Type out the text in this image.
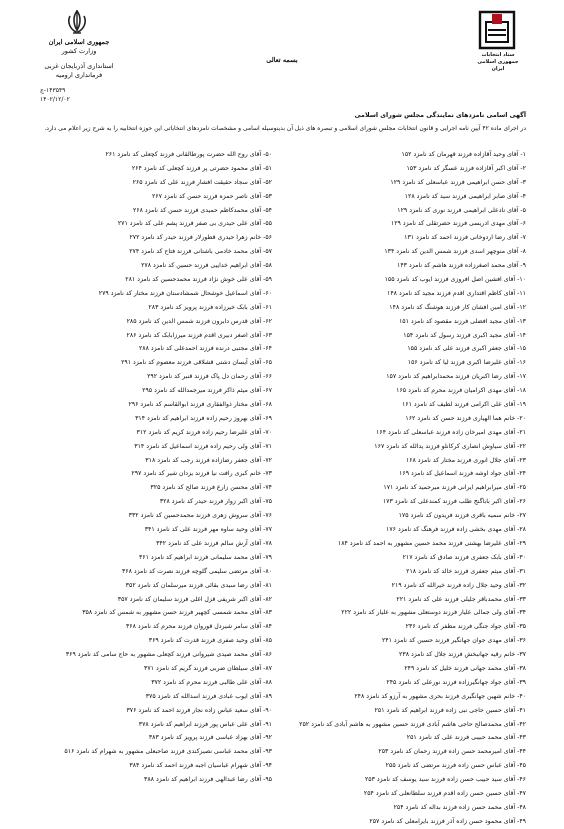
جمهوری اسلامی ایران
وزارت کشور
استانداری آذربایجان غربی
فرمانداری ارومیه
ستاد انتخابات
جمهوری اسلامی
ایران
بسمه تعالی
۱۴۳۵۴۹-ج
۱۴۰۲/۱۲/۰۲
آگهی اسامی نامزدهای نمایندگی مجلس شورای اسلامی
در اجرای ماده ۴۲ آیین نامه اجرایی و قانون انتخابات مجلس شورای اسلامی و تبصره های ذیل آن بدینوسیله اسامی و مشخصات نامزدهای انتخاباتی این حوزه انتخابیه را به شرح زیر اعلام می دارد.
۱- آقای وحید آقازاده فرزند قهرمان کد نامزد ۱۵۲
۲- آقای اکبر آقازاده فرزند عسگر کد نامزد ۱۵۳
۳- آقای حسن ابراهیمی فرزند عباسعلی کد نامزد ۱۲۹
۴- آقای صابر ابراهیمی فرزند سید کد نامزد ۱۲۸
۵- آقای نادعلی ابراهیمی فرزند نوری کد نامزد ۱۲۹
۶- آقای مهدی ادریسی فرزند حضرتقلی کد نامزد ۱۲۹
۷- آقای رضا اردوخانی فرزند احمد کد نامزد ۱۳۱
۸- آقای منوچهر اسدی فرزند شمس الدین کد نامزد ۱۳۴
۹- آقای محمد اصغرزاده فرزند هاشم کد نامزد ۱۴۳
۱۰- آقای افشین اصل افروزی فرزند ایوب کد نامزد ۱۵۵
۱۱- آقای کاظم اقتداری اقدم فرزند مجید کد نامزد ۱۴۸
۱۲- آقای امین افشان کار فرزند هوشنگ کد نامزد ۱۴۸
۱۳- آقای مجید افضلی فرزند مقصود کد نامزد ۱۵۱
۱۴- آقای مجید اکبری فرزند رسول کد نامزد ۱۵۴
۱۵- آقای جعفر اکبری فرزند علی کد نامزد ۱۵۵
۱۶- آقای علیرضا اکبری فرزند لیا کد نامزد ۱۵۶
۱۷- آقای رضا اکبریان فرزند محمدابراهیم کد نامزد ۱۵۷
۱۸- آقای مهدی اکرامیان فرزند محرم کد نامزد ۱۶۵
۱۹- آقای علی اکرامی فرزند لطیف کد نامزد ۱۶۱
۲۰- خانم هما الهیاری فرزند حسن کد نامزد ۱۶۲
۲۱- آقای مهدی امیرخان زاده فرزند عباسعلی کد نامزد ۱۶۴
۲۲- آقای سیاوش انصاری کرکانلو فرزند یدالله کد نامزد ۱۶۷
۲۳- آقای جلال انوری فرزند مختار کد نامزد ۱۶۸
۲۴- آقای جواد اوشه فرزند اسماعیل کد نامزد ۱۶۹
۲۵- آقای میرابراهیم ایرانی فرزند میرحمید کد نامزد ۱۷۱
۲۶- آقای اکبر باباگنج طلب فرزند کمندعلی کد نامزد ۱۷۳
۲۷- خانم سمیه باقری فرزند فریدون کد نامزد ۱۷۵
۲۸- آقای مهدی بخشی زاده فرزند فرهنگ کد نامزد ۱۷۶
۲۹- آقای علیرضا بهشتی فرزند محمد حسین مشهور به احمد کد نامزد ۱۸۴
۳۰- آقای بابک جعفری فرزند صادق کد نامزد ۲۱۷
۳۱- آقای میثم جعفری فرزند خالد کد نامزد ۲۱۸
۳۲- آقای وحید جلال زاده فرزند خیرالله کد نامزد ۲۱۹
۳۳- آقای محمدباقر جلیلی فرزند علی کد نامزد ۲۲۱
۳۴- آقای ولی جمالی علیار فرزند دوستعلی مشهور به علیار کد نامزد ۲۲۲
۳۵- آقای جواد جنگی فرزند مظفر کد نامزد ۲۳۶
۳۶- آقای مهدی جوان جهانگیر فرزند حسین کد نامزد ۲۴۱
۳۷- خانم رقیه جهانبخش فرزند جلال کد نامزد ۲۳۸
۳۸- آقای محمد جهانی فرزند خلیل کد نامزد ۲۴۹
۳۹- آقای جواد جهانگیرزاده فرزند نورعلی کد نامزد ۲۴۵
۴۰- خانم شهین جهانگیری فرزند بحری مشهور به آرزو کد نامزد ۲۴۸
۴۱- آقای حسین حاجی نبی زاده فرزند ابراهیم کد نامزد ۲۵۱
۴۲- آقای محمدصالح حاجی هاشم آبادی فرزند حسین مشهور به هاشم آبادی کد نامزد ۲۵۲
۴۳- آقای محمد حبیبی فرزند علی کد نامزد ۲۵۱
۴۴- آقای امیرمحمد حسن زاده فرزند رحمان کد نامزد ۲۵۳
۴۵- آقای عباس حسن زاده فرزند مرتضی کد نامزد ۲۵۵
۴۶- آقای سید حبیب حسن زاده فرزند سید یوسف کد نامزد ۲۵۳
۴۷- آقای حسین حسن زاده اقدم فرزند سلطانعلی کد نامزد ۲۵۴
۴۸- آقای محمد حسن زاده فرزند بداله کد نامزد ۲۵۴
۴۹- آقای محمود حسن زاده آذر فرزند بایرامعلی کد نامزد ۲۵۷
۵۰- آقای روح الله حضرت پورطالقانی فرزند کچعلی کد نامزد ۲۶۱
۵۱- آقای محمود حضرتی پر فرزند کچعلی کد نامزد ۲۶۴
۵۲- آقای سجاد حقیقت افشار فرزند علی کد نامزد ۲۶۵
۵۳- آقای ناصر حمزه فرزند حسن کد نامزد ۲۶۷
۵۴- آقای محمدکاظم حمیدی فرزند حسن کد نامزد ۲۶۸
۵۵- آقای علی حیدری بی صفر فرزند پشم علی کد نامزد ۲۷۱
۵۶- خانم زهرا حیدری قطورلار فرزند حیدر کد نامزد ۲۷۲
۵۷- آقای محمد خادمی باشتانی فرزند فتاح کد نامزد ۲۷۴
۵۸- آقای ابراهیم خداییی فرزند حسین کد نامزد ۲۷۸
۵۹- آقای علی خوش نژاد فرزند محمدحسین کد نامزد ۲۸۱
۶۰- آقای اسماعیل خوشحال شمشادستان فرزند مختار کد نامزد ۲۷۹
۶۱- آقای بابک خیرزاده فرزند پرویز کد نامزد ۲۸۳
۶۲- آقای قدرس دابرون فرزند شمس الدین کد نامزد ۲۸۵
۶۳- آقای اصغر دبیری اقدم فرزند میرزابابک کد نامزد ۲۸۶
۶۴- آقای مجتبی درنده فرزند احمدعلی کد نامزد ۲۸۸
۶۵- آقای آیسان دشتی قشلاقی فرزند معصوم کد نامزد ۲۹۱
۶۶- آقای رحمان دل پاک فرزند قنبر کد نامزد ۲۹۲
۶۷- آقای میثم ذاکر فرزند میرجمدالله کد نامزد ۲۹۵
۶۸- آقای مختار ذوالفقاری فرزند ابوالقاسم کد نامزد ۲۹۶
۶۹- آقای بهروز رحیم زاده فرزند ابراهیم کد نامزد ۳۱۴
۷۰- آقای علیرضا رحیم زاده فرزند کریم کد نامزد ۳۱۲
۷۱- آقای ولی رحیم زاده فرزند اسماعیل کد نامزد ۳۱۴
۷۲- آقای جعفر رضازاده فرزند رجب کد نامزد ۳۱۸
۷۳- خانم کبری رافت نیا فرزند یزدان شیر کد نامزد ۲۹۷
۷۴- آقای محسن زارع فرزند صالح کد نامزد ۳۲۵
۷۵- آقای اکبر زوار فرزند حیدر کد نامزد ۳۲۸
۷۶- آقای سروش زهری فرزند محمدحسین کد نامزد ۳۳۲
۷۷- آقای وحید ساوه مهر فرزند علی کد نامزد ۳۴۱
۷۸- آقای آرش سالم فرزند علی کد نامزد ۳۴۲
۷۹- آقای محمد سلیمانی فرزند ابراهیم کد نامزد ۳۶۱
۸۰- آقای مرتضی سلیمی گلوچه فرزند نصرت کد نامزد ۳۶۸
۸۱- آقای رضا سیدی بقائی فرزند میرسلمان کد نامزد ۳۵۲
۸۲- آقای اکبر شریفی قزل اغلی فرزند سلیمان کد نامزد ۳۵۷
۸۳- آقای محمد شمسی کچهیر فرزند حسن مشهور به شمس کد نامزد ۳۵۸
۸۴- آقای سامر شیردل قوروان فرزند محرم کد نامزد ۳۶۸
۸۵- آقای وحید صفری فرزند قدرت کد نامزد ۳۶۹
۸۶- آقای محمد صیدی شیروانی فرزند کچعلی مشهور به حاج سامی کد نامزد ۳۶۹
۸۷- آقای سیلطان ضربی فرزند گریم کد نامزد ۳۷۱
۸۸- آقای علی طالبی فرزند محرم کد نامزد ۳۷۲
۸۹- آقای ایوب عبادی فرزند اسدالله کد نامزد ۳۷۵
۹۰- آقای سعید عباس زاده نجار فرزند احمد کد نامزد ۳۷۶
۹۱- آقای علی عباس پور فرزند ابراهیم کد نامزد ۳۷۸
۹۲- آقای بهزاد عباسی فرزند پرویز کد نامزد ۳۸۳
۹۳- آقای محمد عباسی نصیرکندی فرزند صاحبعلی مشهور به شهرام کد نامزد ۵۱۶
۹۴- آقای شهرام عباسیان اجبه فرزند احمد کد نامزد ۳۸۴
۹۵- آقای رضا عبدالهی فرزند ابراهیم کد نامزد ۳۸۸
